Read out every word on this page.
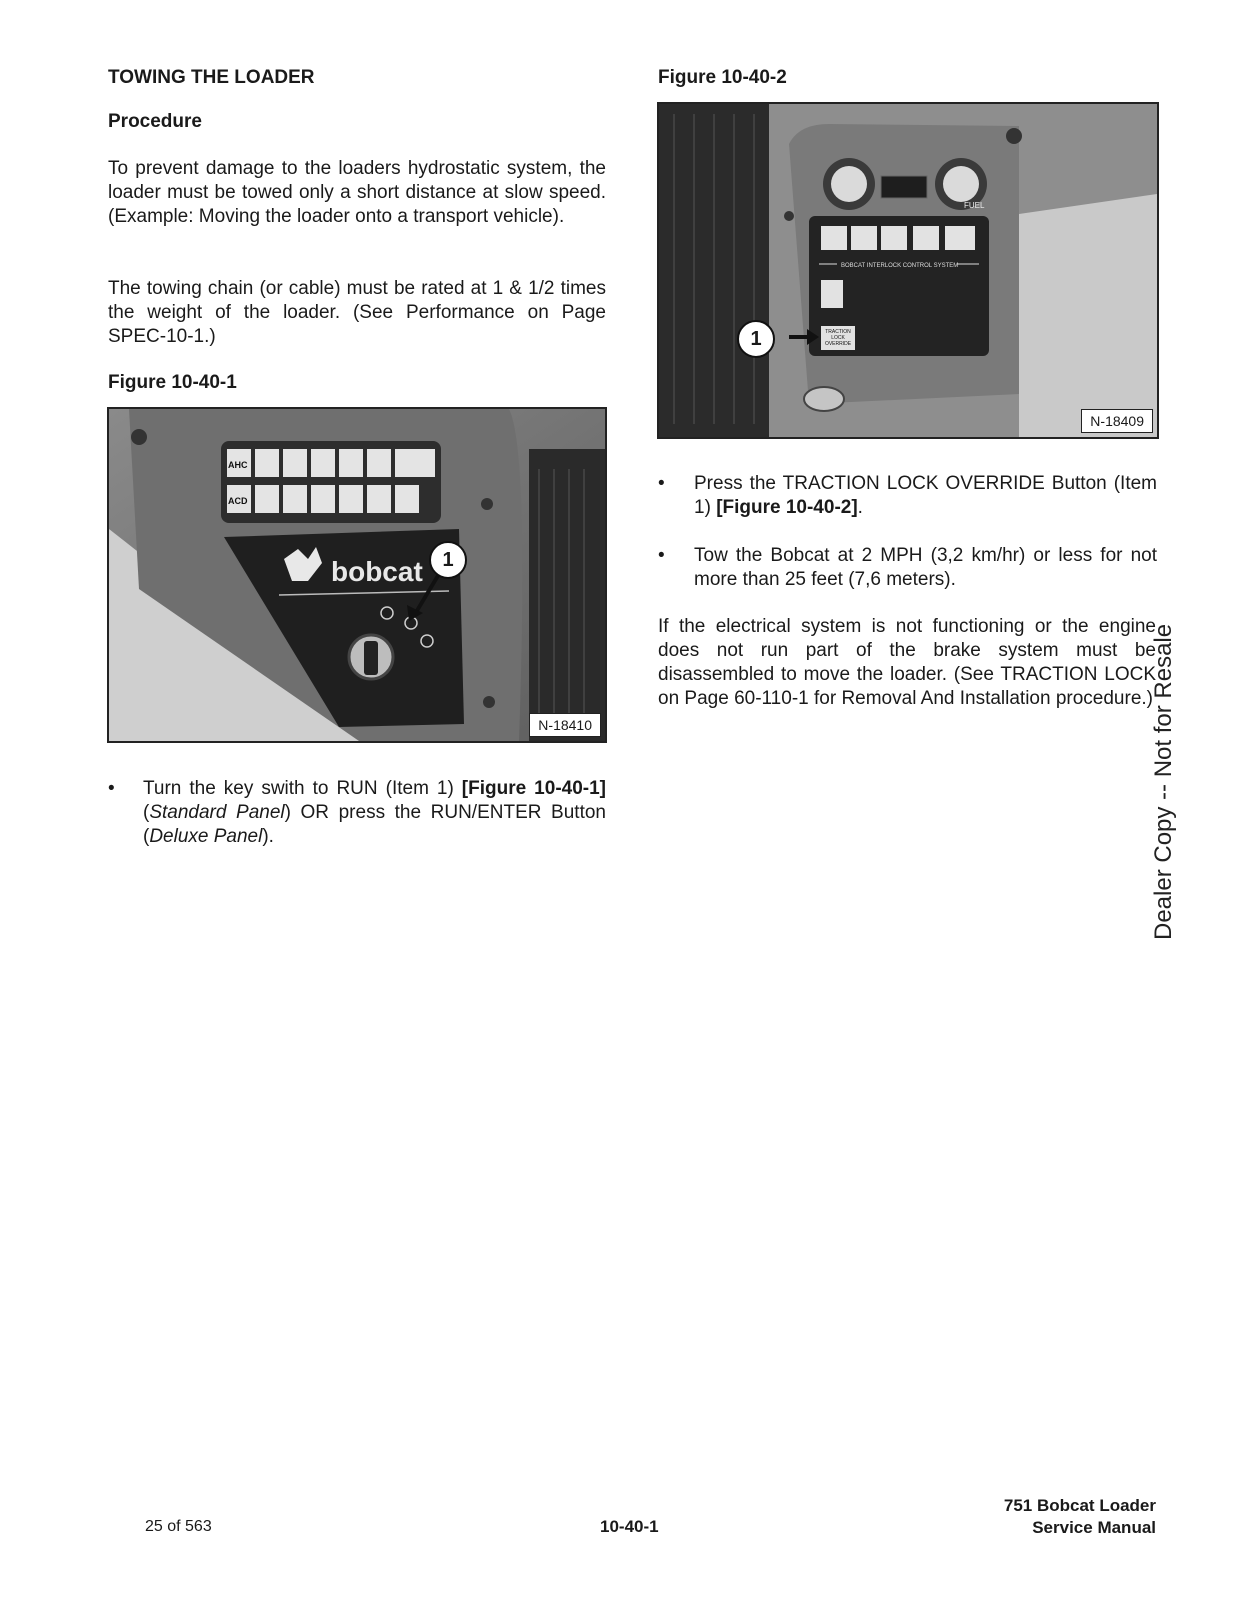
TOWING THE LOADER
Procedure
To prevent damage to the loaders hydrostatic system, the loader must be towed only a short distance at slow speed. (Example: Moving the loader onto a transport vehicle).
The towing chain (or cable) must be rated at 1 & 1/2 times the weight of the loader. (See Performance on Page SPEC-10-1.)
Figure 10-40-1
AHC
ACD
bobcat 1
N-18410
• Turn the key swith to RUN (Item 1) [Figure 10-40-1] (Standard Panel) OR press the RUN/ENTER Button (Deluxe Panel).
Figure 10-40-2
FUEL
BOBCAT INTERLOCK CONTROL SYSTEM
1	TRACTION LOCK OVERRIDE
N-18409
• Press the TRACTION LOCK OVERRIDE Button (Item 1) [Figure 10-40-2].
• Tow the Bobcat at 2 MPH (3,2 km/hr) or less for not more than 25 feet (7,6 meters).
If the electrical system is not functioning or the engine does not run part of the brake system must be disassembled to move the loader. (See TRACTION LOCK on Page 60-110-1 for Removal And Installation procedure.)
Dealer Copy -- Not for Resale
25 of 563	10-40-1
751 Bobcat Loader
Service Manual
